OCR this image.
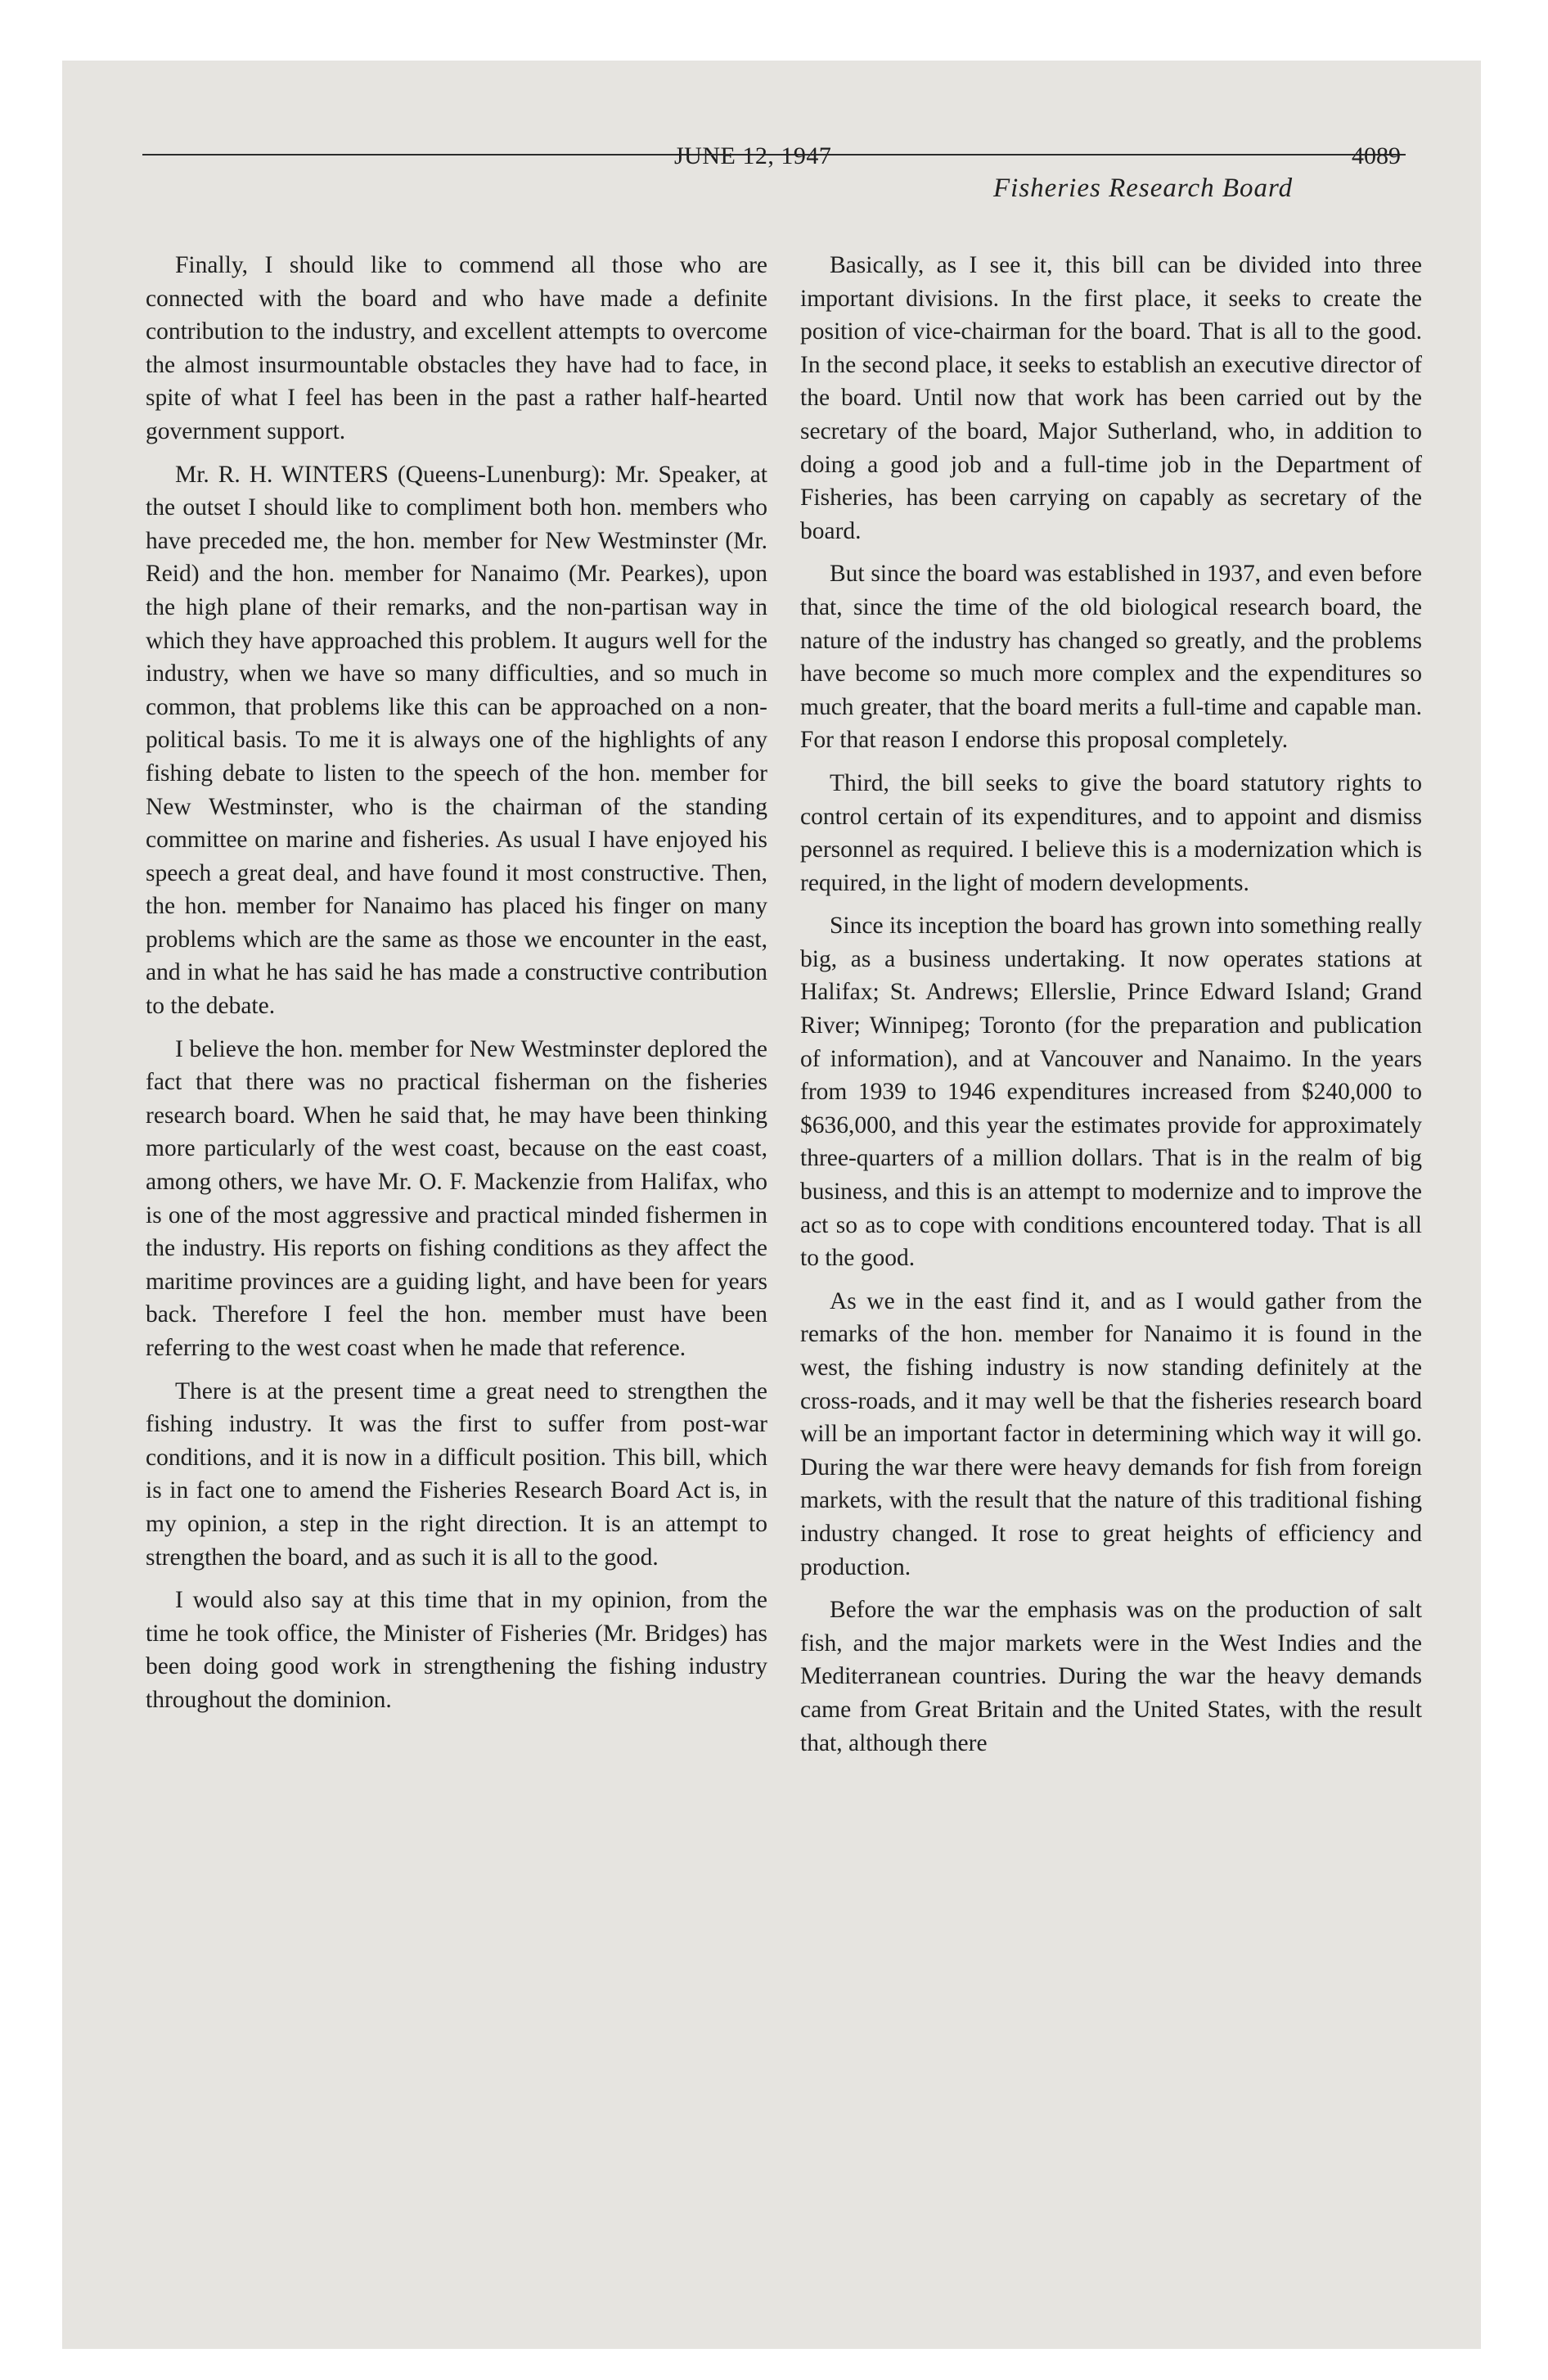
JUNE 12, 1947
Fisheries Research Board
4089

Finally, I should like to commend all those who are connected with the board and who have made a definite contribution to the industry, and excellent attempts to overcome the almost insurmountable obstacles they have had to face, in spite of what I feel has been in the past a rather half-hearted government support.

Mr. R. H. WINTERS (Queens-Lunenburg): Mr. Speaker, at the outset I should like to compliment both hon. members who have preceded me, the hon. member for New Westminster (Mr. Reid) and the hon. member for Nanaimo (Mr. Pearkes), upon the high plane of their remarks, and the non-partisan way in which they have approached this problem. It augurs well for the industry, when we have so many difficulties, and so much in common, that problems like this can be approached on a non-political basis. To me it is always one of the highlights of any fishing debate to listen to the speech of the hon. member for New Westminster, who is the chairman of the standing committee on marine and fisheries. As usual I have enjoyed his speech a great deal, and have found it most constructive. Then, the hon. member for Nanaimo has placed his finger on many problems which are the same as those we encounter in the east, and in what he has said he has made a constructive contribution to the debate.

I believe the hon. member for New Westminster deplored the fact that there was no practical fisherman on the fisheries research board. When he said that, he may have been thinking more particularly of the west coast, because on the east coast, among others, we have Mr. O. F. Mackenzie from Halifax, who is one of the most aggressive and practical minded fishermen in the industry. His reports on fishing conditions as they affect the maritime provinces are a guiding light, and have been for years back. Therefore I feel the hon. member must have been referring to the west coast when he made that reference.

There is at the present time a great need to strengthen the fishing industry. It was the first to suffer from post-war conditions, and it is now in a difficult position. This bill, which is in fact one to amend the Fisheries Research Board Act is, in my opinion, a step in the right direction. It is an attempt to strengthen the board, and as such it is all to the good.

I would also say at this time that in my opinion, from the time he took office, the Minister of Fisheries (Mr. Bridges) has been doing good work in strengthening the fishing industry throughout the dominion.

Basically, as I see it, this bill can be divided into three important divisions. In the first place, it seeks to create the position of vice-chairman for the board. That is all to the good. In the second place, it seeks to establish an executive director of the board. Until now that work has been carried out by the secretary of the board, Major Sutherland, who, in addition to doing a good job and a full-time job in the Department of Fisheries, has been carrying on capably as secretary of the board.

But since the board was established in 1937, and even before that, since the time of the old biological research board, the nature of the industry has changed so greatly, and the problems have become so much more complex and the expenditures so much greater, that the board merits a full-time and capable man. For that reason I endorse this proposal completely.

Third, the bill seeks to give the board statutory rights to control certain of its expenditures, and to appoint and dismiss personnel as required. I believe this is a modernization which is required, in the light of modern developments.

Since its inception the board has grown into something really big, as a business undertaking. It now operates stations at Halifax; St. Andrews; Ellerslie, Prince Edward Island; Grand River; Winnipeg; Toronto (for the preparation and publication of information), and at Vancouver and Nanaimo. In the years from 1939 to 1946 expenditures increased from $240,000 to $636,000, and this year the estimates provide for approximately three-quarters of a million dollars. That is in the realm of big business, and this is an attempt to modernize and to improve the act so as to cope with conditions encountered today. That is all to the good.

As we in the east find it, and as I would gather from the remarks of the hon. member for Nanaimo it is found in the west, the fishing industry is now standing definitely at the cross-roads, and it may well be that the fisheries research board will be an important factor in determining which way it will go. During the war there were heavy demands for fish from foreign markets, with the result that the nature of this traditional fishing industry changed. It rose to great heights of efficiency and production.

Before the war the emphasis was on the production of salt fish, and the major markets were in the West Indies and the Mediterranean countries. During the war the heavy demands came from Great Britain and the United States, with the result that, although there
